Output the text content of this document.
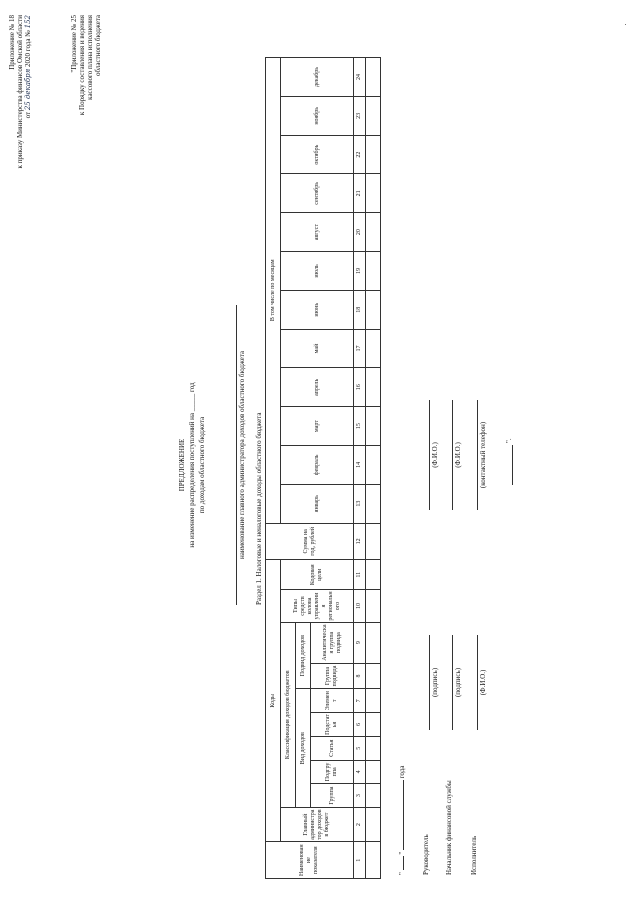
Приложение № 18 к приказу Министерства финансов Омской области от 25 декабря 2020 года № 152	"Приложение № 25 к Порядку составления и ведения кассового плана исполнения областного бюджета
ПРЕДЛОЖЕНИЕ на изменение распределения поступлений на _____ год по доходам областного бюджета	наименование главного администратора доходов областного бюджета Раздел 1. Налоговые и неналоговые доходы областного бюджета
Наименование показателя	Коды										Сумма на год, рублей	В том числе по месяцам											
	Главный администратор доходов в бюджет	Классификация доходов бюджетов							Типы средств колова управления регионального	Кодовая цели		январь	февраль	март	апрель	май	июнь	июль	август	сентябрь	октябрь	ноябрь	декабрь
		Вид доходов					Подвид доходов																
		Группа	Подгруппа	Статья	Подстатья	Элемент	Группа подвида	Аналитическая группа подвида															
1	2	3	4	5	6	7	8	9	10	11	12	13	14	15	16	17	18	19	20	21	22	23	24

"  "  года
Руководитель
(подпись)
(Ф.И.О.)
Начальник финансовой службы
(подпись)
(Ф.И.О.)
Исполнитель
(Ф.И.О.)
(контактный телефон)	".
